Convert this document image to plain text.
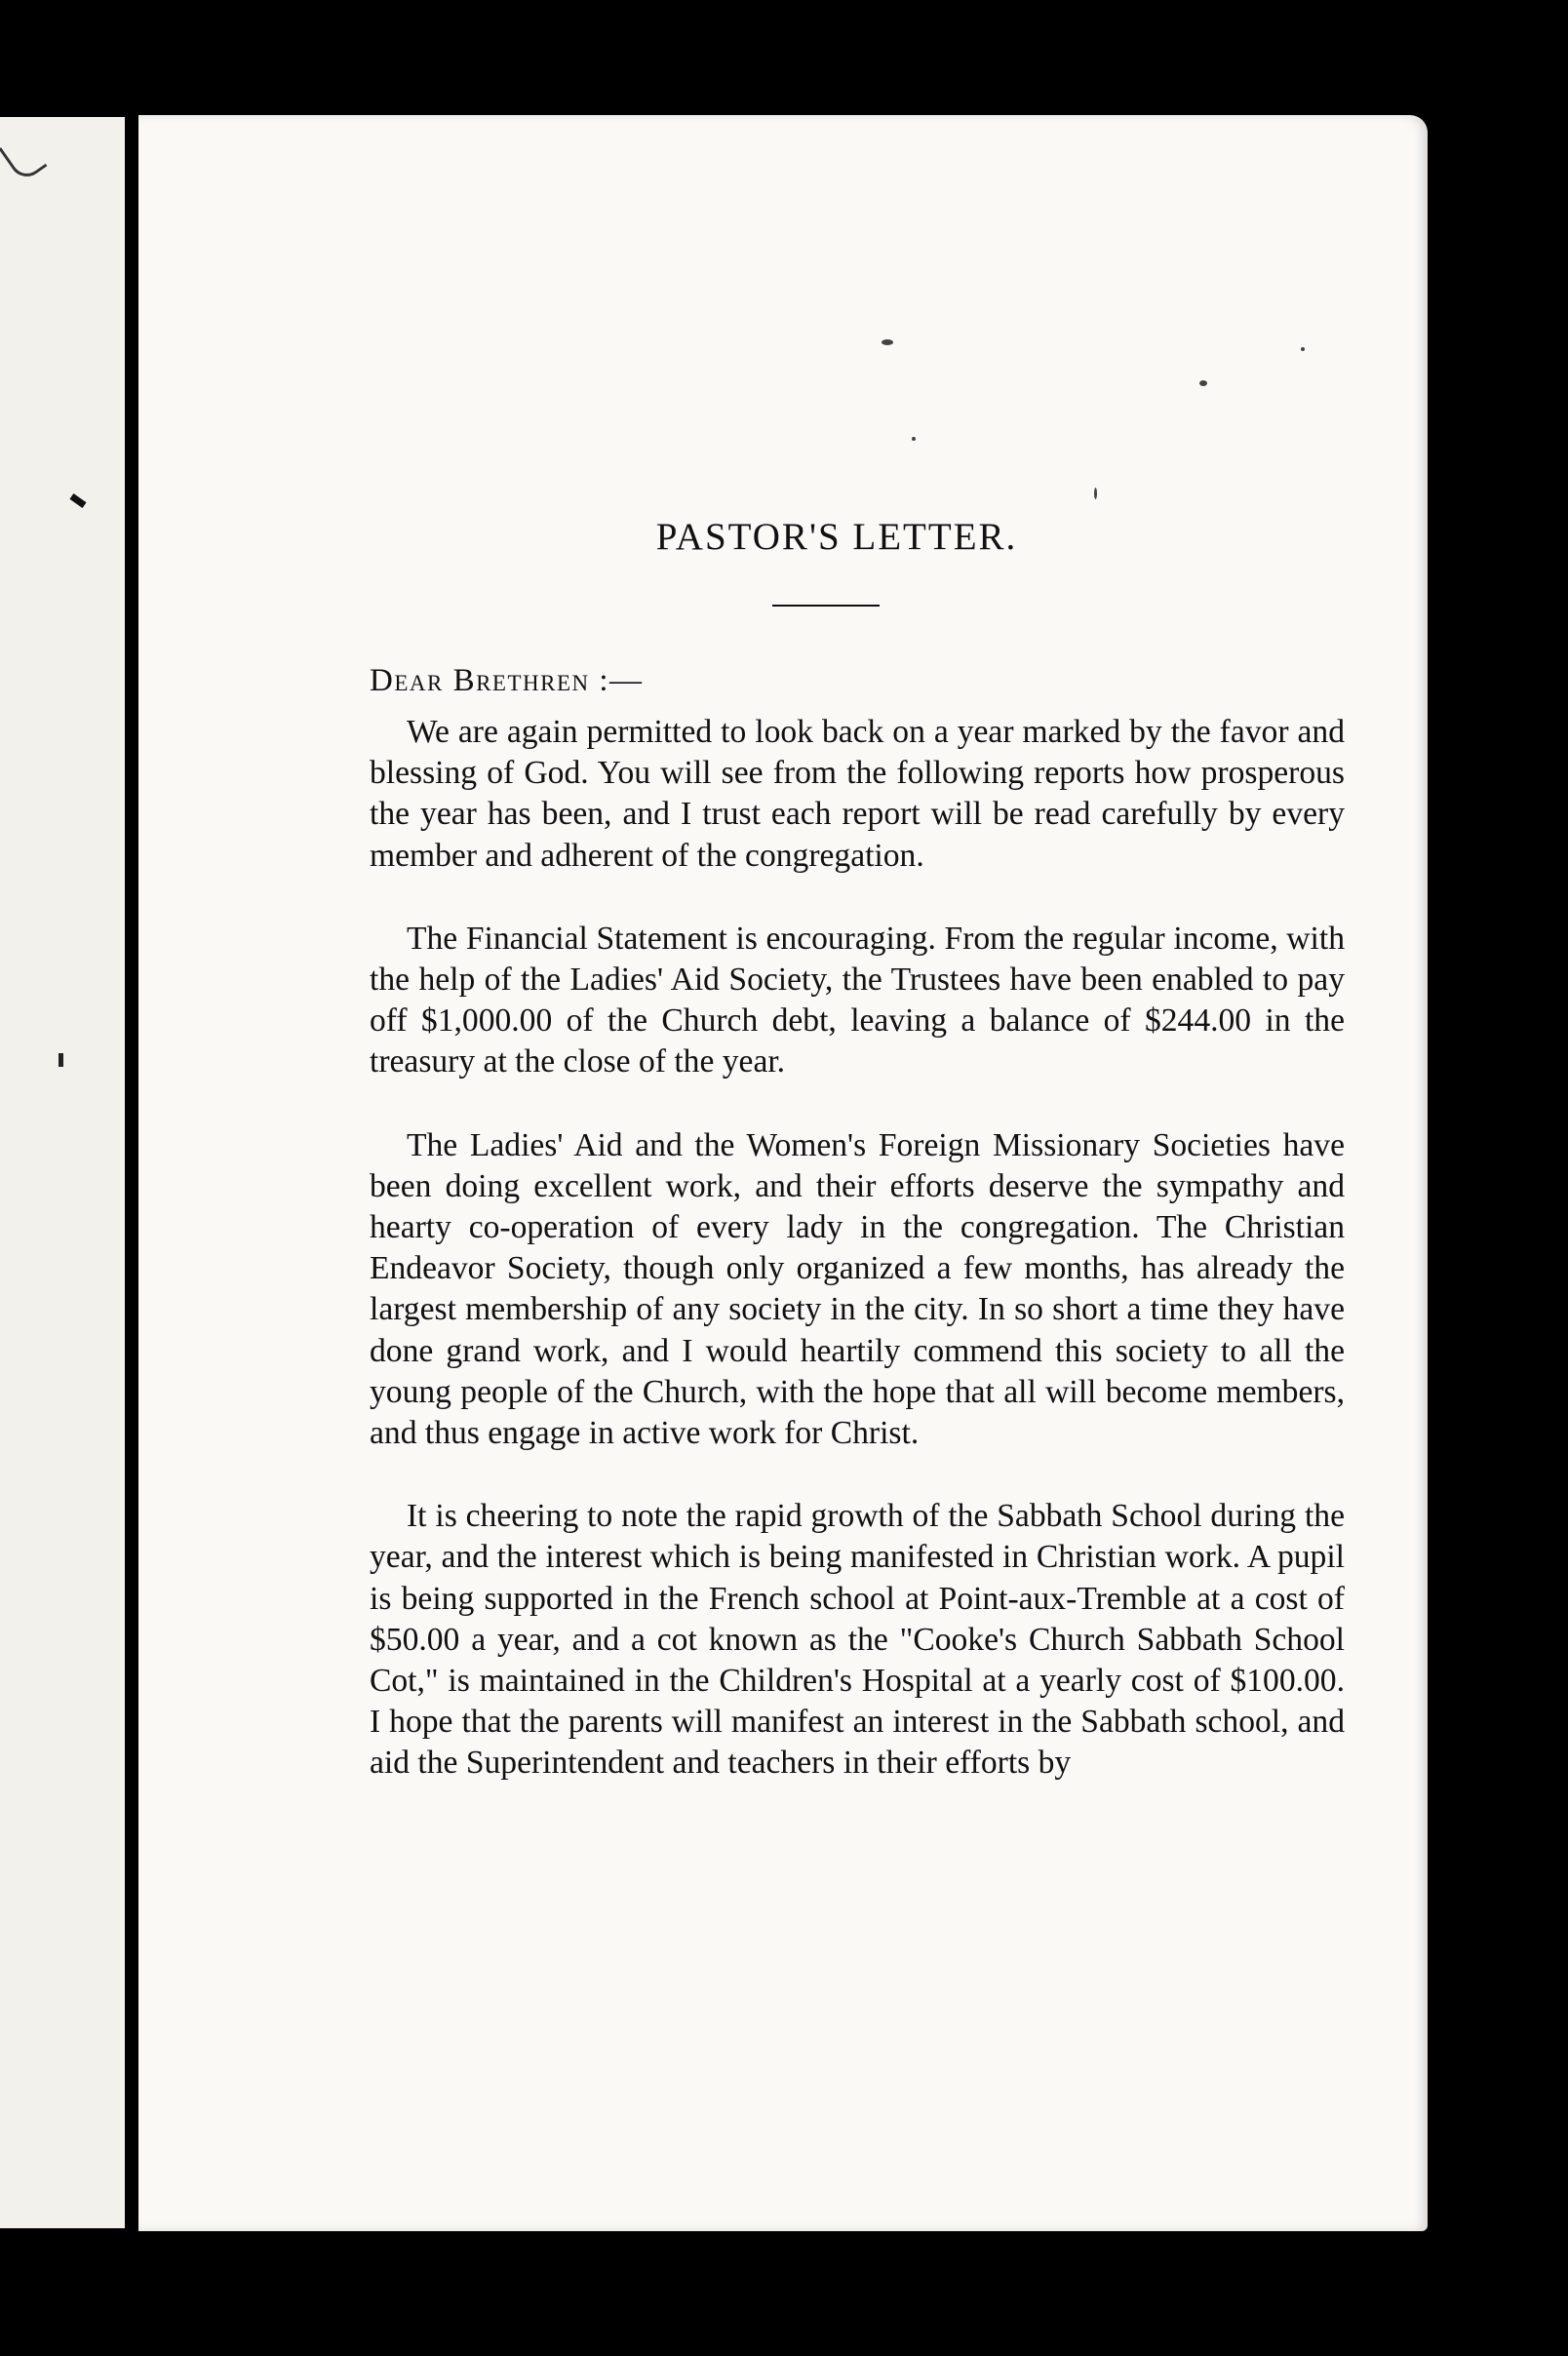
PASTOR'S LETTER.

Dear Brethren :—

We are again permitted to look back on a year marked by the favor and blessing of God. You will see from the following reports how prosperous the year has been, and I trust each report will be read carefully by every member and adherent of the congregation.

The Financial Statement is encouraging. From the regular income, with the help of the Ladies' Aid Society, the Trustees have been enabled to pay off $1,000.00 of the Church debt, leaving a balance of $244.00 in the treasury at the close of the year.

The Ladies' Aid and the Women's Foreign Missionary Societies have been doing excellent work, and their efforts deserve the sympathy and hearty co-operation of every lady in the congregation. The Christian Endeavor Society, though only organized a few months, has already the largest membership of any society in the city. In so short a time they have done grand work, and I would heartily commend this society to all the young people of the Church, with the hope that all will become members, and thus engage in active work for Christ.

It is cheering to note the rapid growth of the Sabbath School during the year, and the interest which is being manifested in Christian work. A pupil is being supported in the French school at Point-aux-Tremble at a cost of $50.00 a year, and a cot known as the "Cooke's Church Sabbath School Cot," is maintained in the Children's Hospital at a yearly cost of $100.00. I hope that the parents will manifest an interest in the Sabbath school, and aid the Superintendent and teachers in their efforts by
